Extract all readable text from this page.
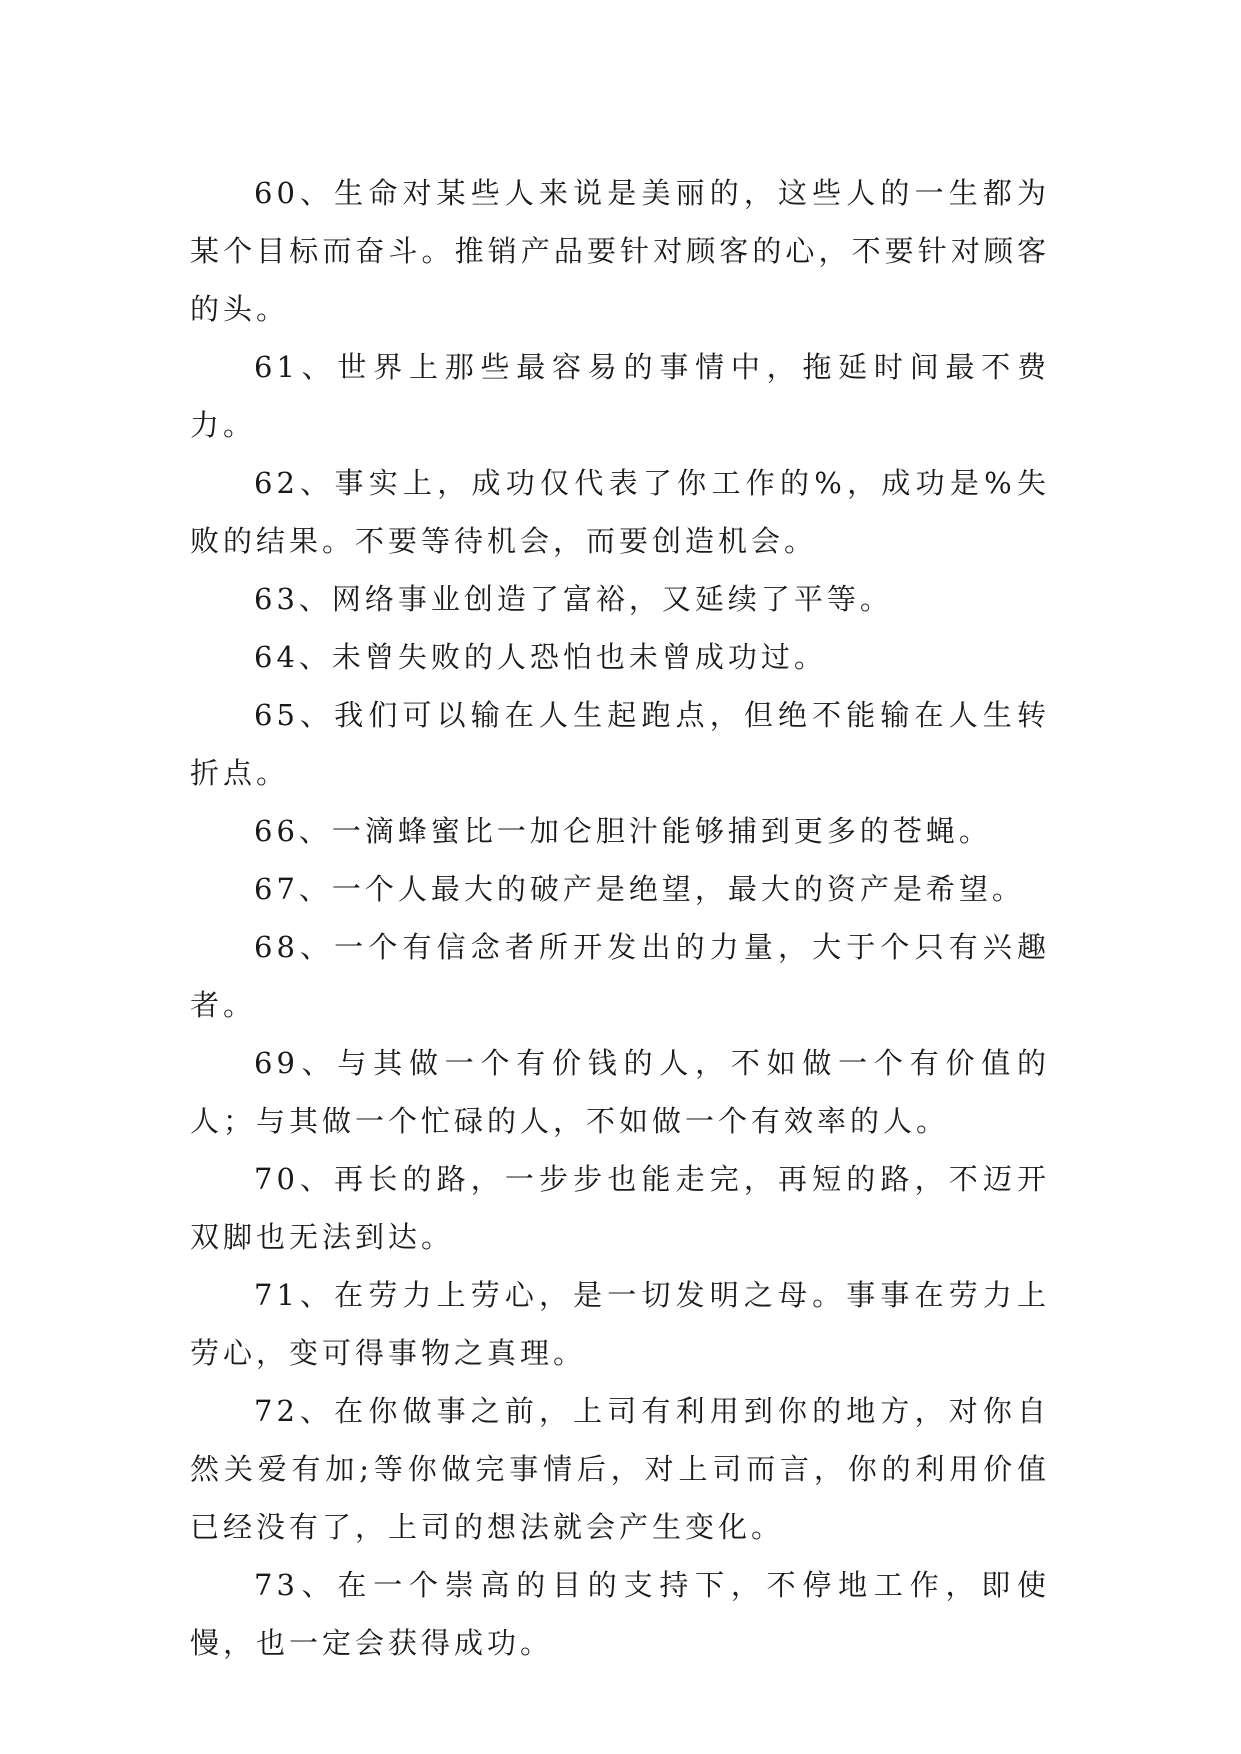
60、生命对某些人来说是美丽的，这些人的一生都为某个目标而奋斗。推销产品要针对顾客的心，不要针对顾客的头。

61、世界上那些最容易的事情中，拖延时间最不费力。

62、事实上，成功仅代表了你工作的%，成功是%失败的结果。不要等待机会，而要创造机会。

63、网络事业创造了富裕，又延续了平等。

64、未曾失败的人恐怕也未曾成功过。

65、我们可以输在人生起跑点，但绝不能输在人生转折点。

66、一滴蜂蜜比一加仑胆汁能够捕到更多的苍蝇。

67、一个人最大的破产是绝望，最大的资产是希望。

68、一个有信念者所开发出的力量，大于个只有兴趣者。

69、与其做一个有价钱的人，不如做一个有价值的人；与其做一个忙碌的人，不如做一个有效率的人。

70、再长的路，一步步也能走完，再短的路，不迈开双脚也无法到达。

71、在劳力上劳心，是一切发明之母。事事在劳力上劳心，变可得事物之真理。

72、在你做事之前，上司有利用到你的地方，对你自然关爱有加;等你做完事情后，对上司而言，你的利用价值已经没有了，上司的想法就会产生变化。

73、在一个崇高的目的支持下，不停地工作，即使慢，也一定会获得成功。
